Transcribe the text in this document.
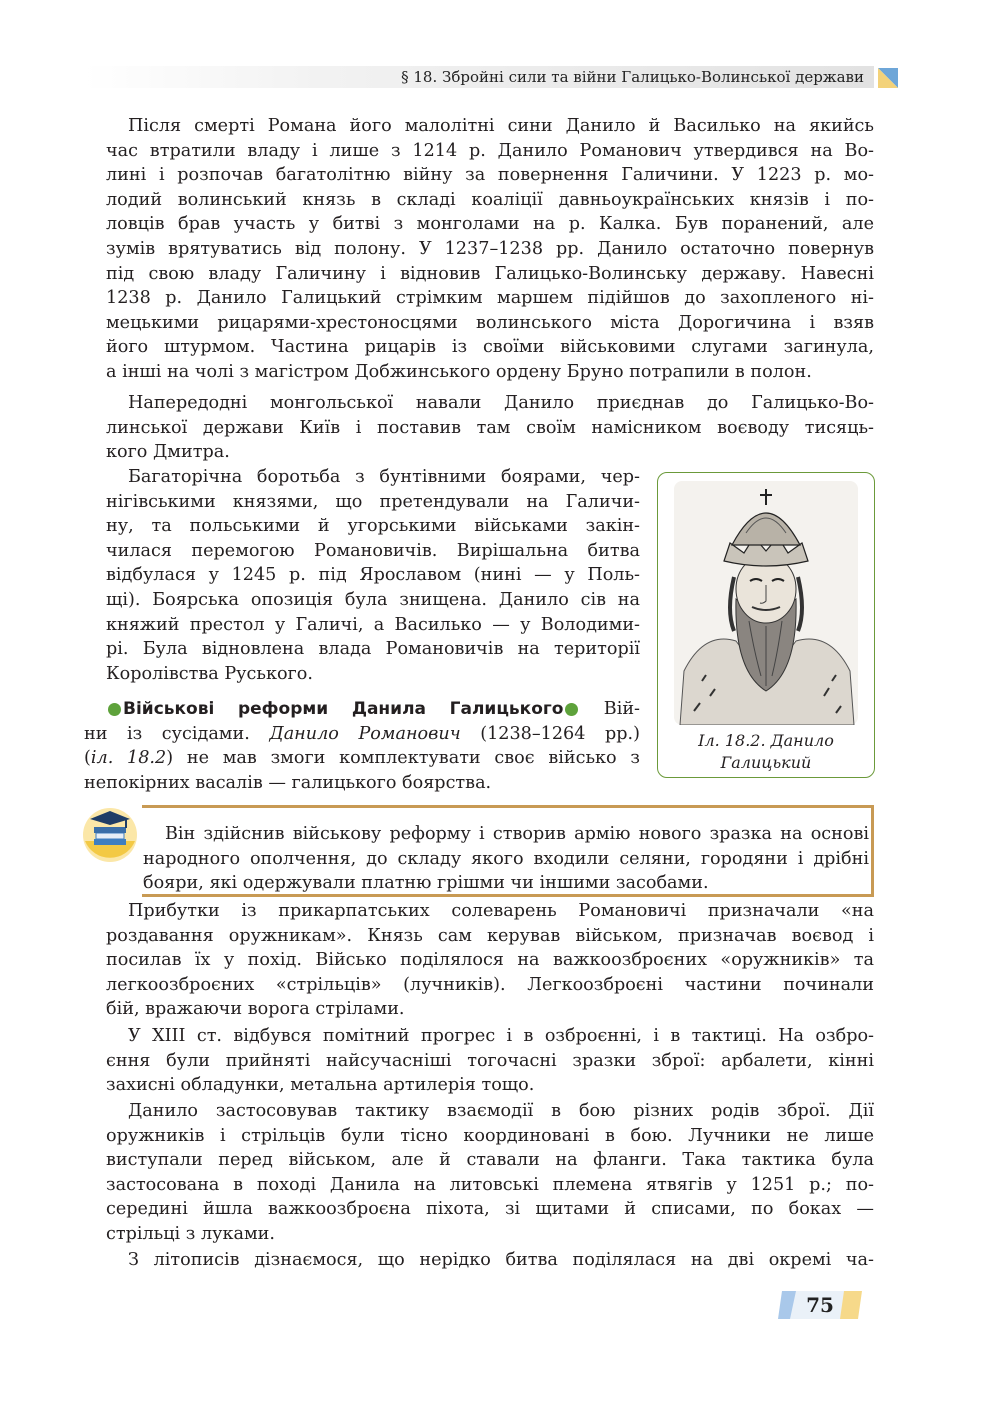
§ 18. Збройні сили та війни Галицько-Волинської держави
Після смерті Романа його малолітні сини Данило й Василько на якийсь
час втратили владу і лише з 1214 р. Данило Романович утвердився на Во-
лині і розпочав багатолітню війну за повернення Галичини. У 1223 р. мо-
лодий волинський князь в складі коаліції давньоукраїнських князів і по-
ловців брав участь у битві з монголами на р. Калка. Був поранений, але
зумів врятуватись від полону. У 1237–1238 рр. Данило остаточно повернув
під свою владу Галичину і відновив Галицько-Волинську державу. Навесні
1238 р. Данило Галицький стрімким маршем підійшов до захопленого ні-
мецькими рицарями-хрестоносцями волинського міста Дорогичина і взяв
його штурмом. Частина рицарів із своїми військовими слугами загинула,
а інші на чолі з магістром Добжинського ордену Бруно потрапили в полон.
Напередодні монгольської навали Данило приєднав до Галицько-Во-
линської держави Київ і поставив там своїм намісником воєводу тисяць-
кого Дмитра.
Багаторічна боротьба з бунтівними боярами, чер-
нігівськими князями, що претендували на Галичи-
ну, та польськими й угорськими військами закін-
чилася перемогою Романовичів. Вирішальна битва
відбулася у 1245 р. під Ярославом (нині — у Поль-
щі). Боярська опозиція була знищена. Данило сів на
княжий престол у Галичі, а Василько — у Володими-
рі. Була відновлена влада Романовичів на території
Королівства Руського.
Військові реформи Данила Галицького Вій-
ни із сусідами. Данило Романович (1238–1264 рр.)
(іл. 18.2) не мав змоги комплектувати своє військо з
непокірних васалів — галицького боярства.
Іл. 18.2. Данило
Галицький
Він здійснив військову реформу і створив армію нового зразка на основі
народного ополчення, до складу якого входили селяни, городяни і дрібні
бояри, які одержували платню грішми чи іншими засобами.
Прибутки із прикарпатських солеварень Романовичі призначали «на
роздавання оружникам». Князь сам керував військом, призначав воєвод і
посилав їх у похід. Військо поділялося на важкоозброєних «оружників» та
легкоозброєних «стрільців» (лучників). Легкоозброєні частини починали
бій, вражаючи ворога стрілами.
У XIII ст. відбувся помітний прогрес і в озброєнні, і в тактиці. На озбро-
єння були прийняті найсучасніші тогочасні зразки зброї: арбалети, кінні
захисні обладунки, метальна артилерія тощо.
Данило застосовував тактику взаємодії в бою різних родів зброї. Дії
оружників і стрільців були тісно координовані в бою. Лучники не лише
виступали перед військом, але й ставали на фланги. Така тактика була
застосована в поході Данила на литовські племена ятвягів у 1251 р.; по-
середині йшла важкоозброєна піхота, зі щитами й списами, по боках —
стрільці з луками.
З літописів дізнаємося, що нерідко битва поділялася на дві окремі ча-
75
